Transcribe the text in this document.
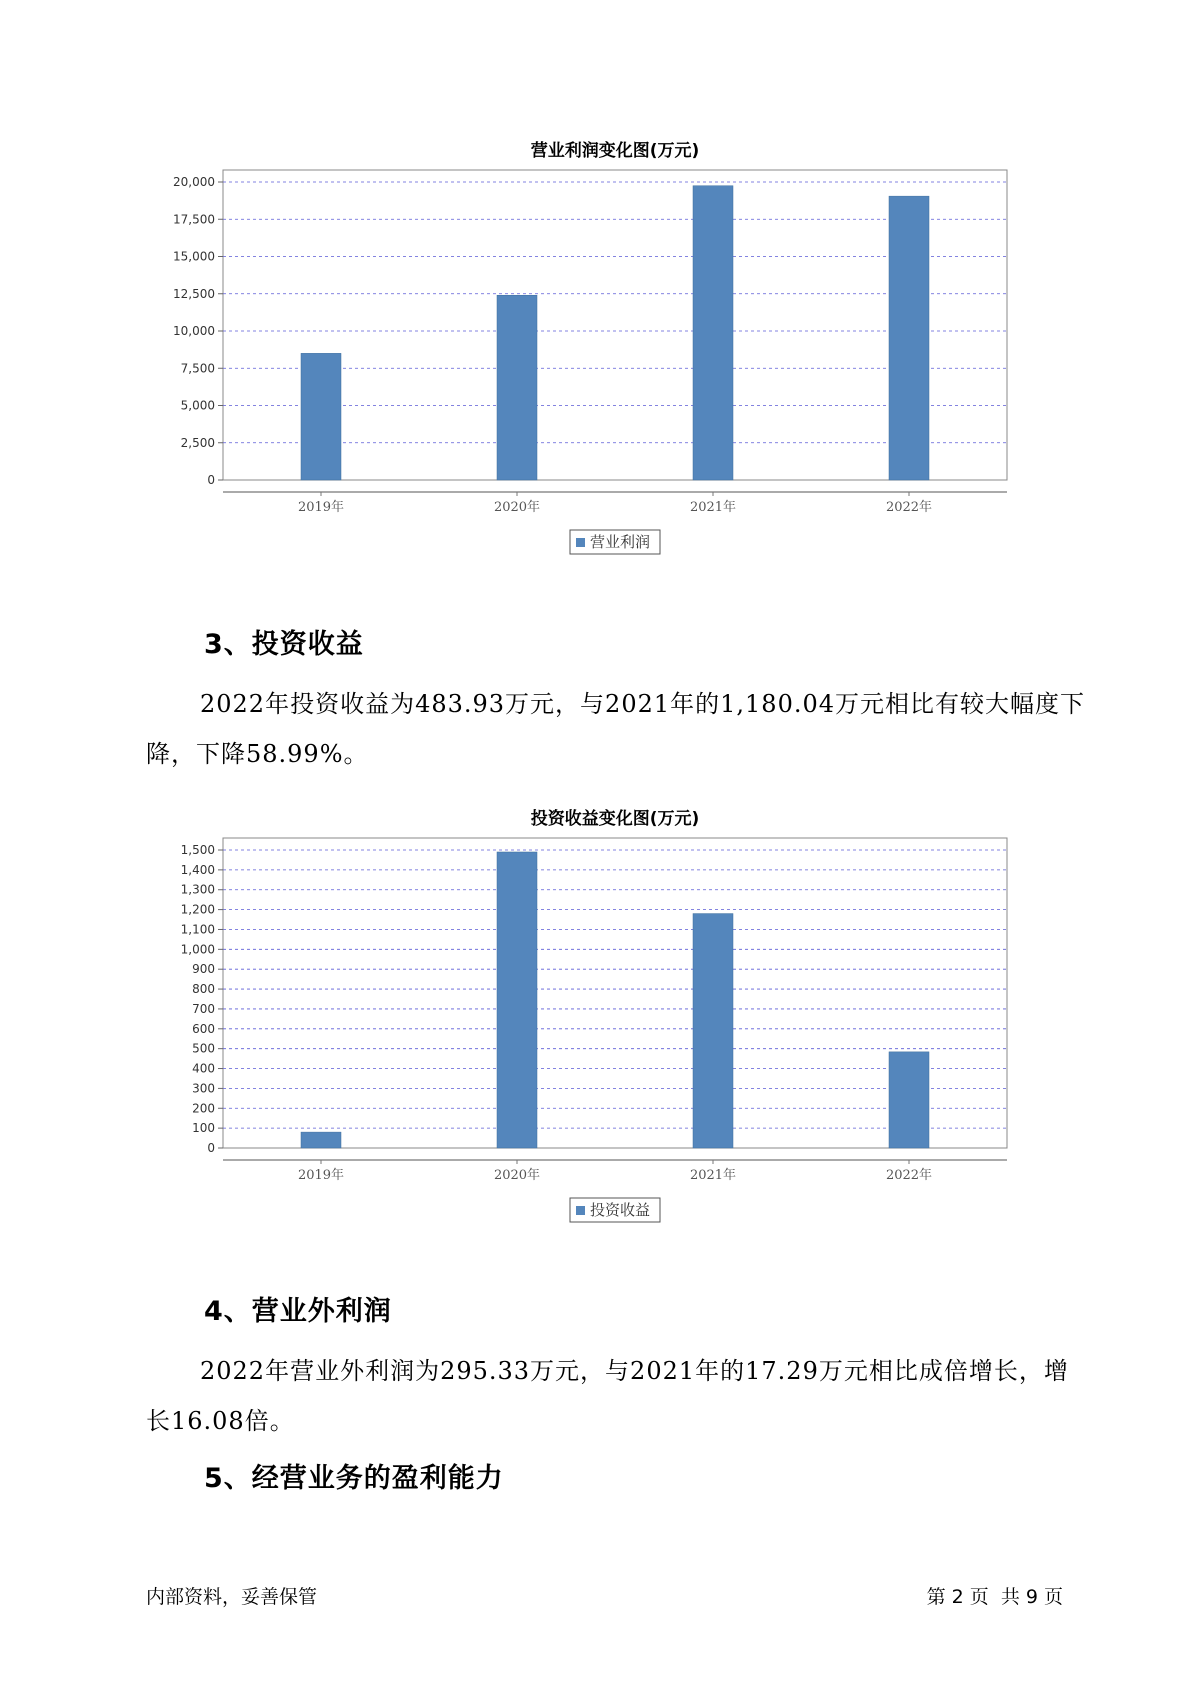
营业利润变化图(万元)
0
2,500
5,000
7,500
10,000
12,500
15,000
17,500
20,000
2019年	2020年	2021年	2022年
营业利润
3、投资收益

2022年投资收益为483.93万元，与2021年的1,180.04万元相比有较大幅度下降，下降58.99%。

投资收益变化图(万元)
0
100
200
300
400
500
600
700
800
900
1,000
1,100
1,200
1,300
1,400
1,500
2019年	2020年	2021年	2022年
投资收益
4、营业外利润

2022年营业外利润为295.33万元，与2021年的17.29万元相比成倍增长，增长16.08倍。

5、经营业务的盈利能力
内部资料，妥善保管	第 2 页  共 9 页
